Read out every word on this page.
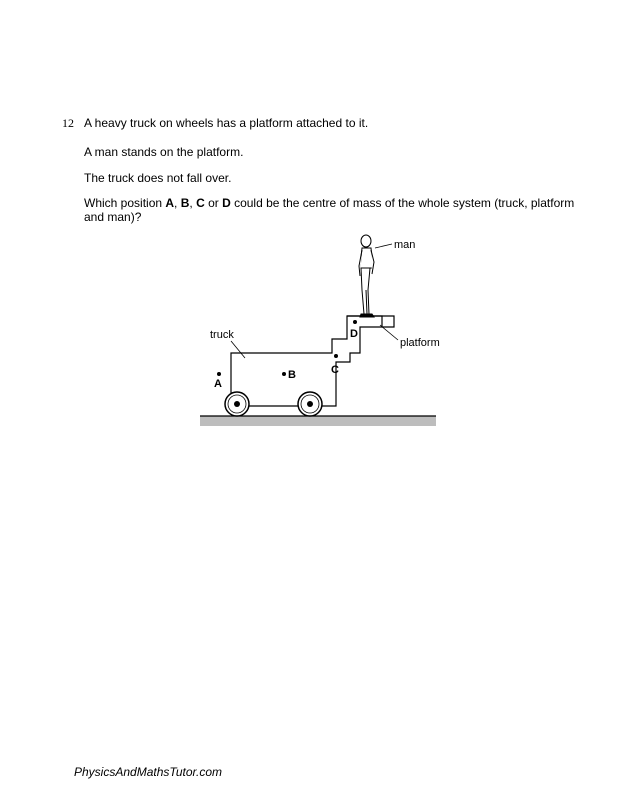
12 A heavy truck on wheels has a platform attached to it.
A man stands on the platform.
The truck does not fall over.
Which position A, B, C or D could be the centre of mass of the whole system (truck, platform and man)?
man
platform
truck
A
B	C
D
PhysicsAndMathsTutor.com
